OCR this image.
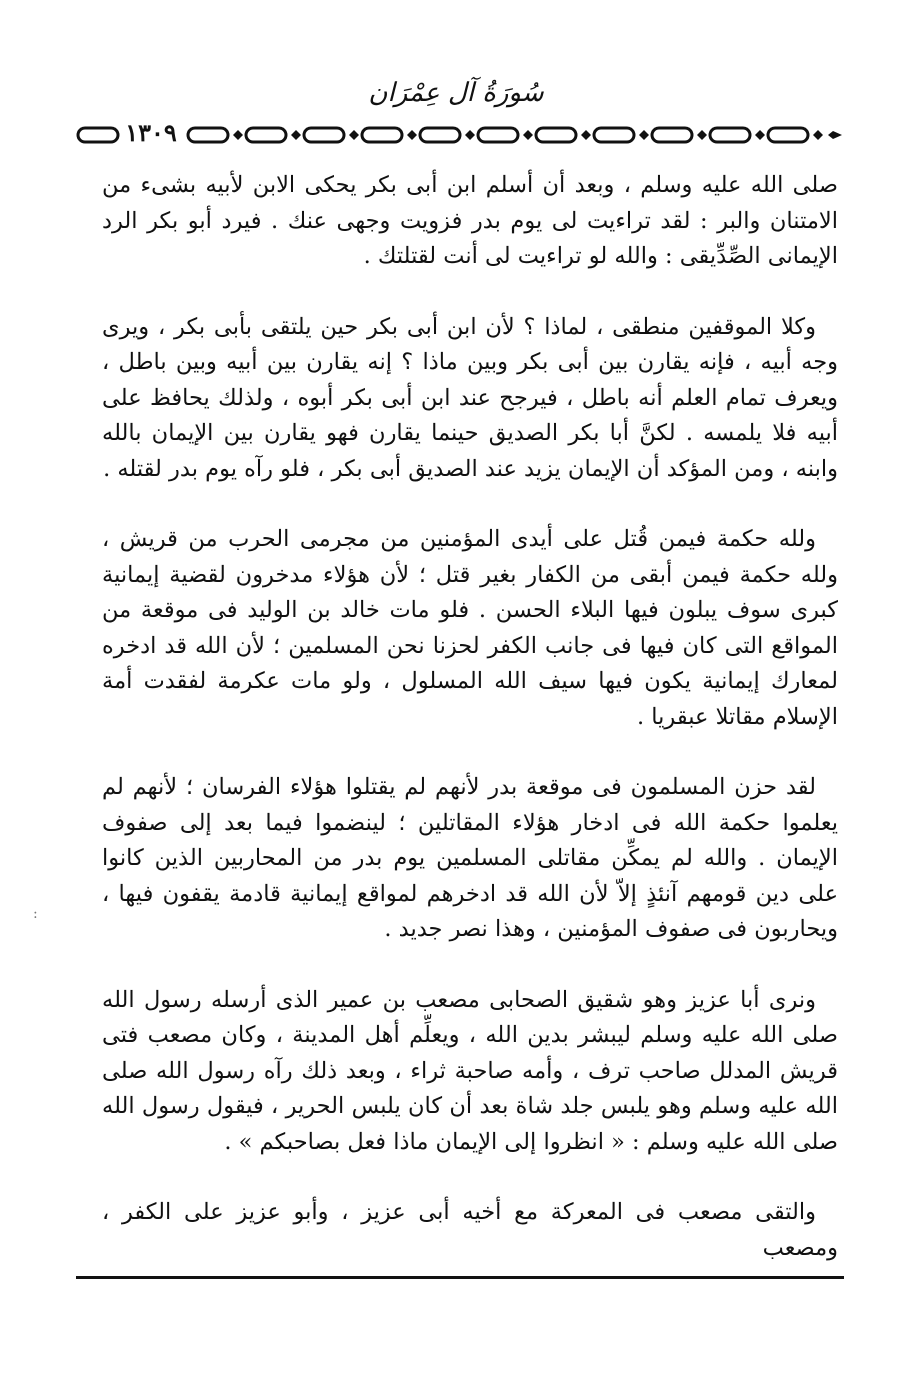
سُورَةُ آل عِمْرَان
١٣٠٩

صلى الله عليه وسلم ، وبعد أن أسلم ابن أبى بكر يحكى الابن لأبيه بشىء من الامتنان والبر : لقد تراءيت لى يوم بدر فزويت وجهى عنك . فيرد أبو بكر الرد الإيمانى الصِّدِّيقى : والله لو تراءيت لى أنت لقتلتك .

وكلا الموقفين منطقى ، لماذا ؟ لأن ابن أبى بكر حين يلتقى بأبى بكر ، ويرى وجه أبيه ، فإنه يقارن بين أبى بكر وبين ماذا ؟ إنه يقارن بين أبيه وبين باطل ، ويعرف تمام العلم أنه باطل ، فيرجح عند ابن أبى بكر أبوه ، ولذلك يحافظ على أبيه فلا يلمسه . لكنَّ أبا بكر الصديق حينما يقارن فهو يقارن بين الإيمان بالله وابنه ، ومن المؤكد أن الإيمان يزيد عند الصديق أبى بكر ، فلو رآه يوم بدر لقتله .

ولله حكمة فيمن قُتل على أيدى المؤمنين من مجرمى الحرب من قريش ، ولله حكمة فيمن أبقى من الكفار بغير قتل ؛ لأن هؤلاء مدخرون لقضية إيمانية كبرى سوف يبلون فيها البلاء الحسن . فلو مات خالد بن الوليد فى موقعة من المواقع التى كان فيها فى جانب الكفر لحزنا نحن المسلمين ؛ لأن الله قد ادخره لمعارك إيمانية يكون فيها سيف الله المسلول ، ولو مات عكرمة لفقدت أمة الإسلام مقاتلا عبقريا .

لقد حزن المسلمون فى موقعة بدر لأنهم لم يقتلوا هؤلاء الفرسان ؛ لأنهم لم يعلموا حكمة الله فى ادخار هؤلاء المقاتلين ؛ لينضموا فيما بعد إلى صفوف الإيمان . والله لم يمكِّن مقاتلى المسلمين يوم بدر من المحاربين الذين كانوا على دين قومهم آنئذٍ إلاّ لأن الله قد ادخرهم لمواقع إيمانية قادمة يقفون فيها ، ويحاربون فى صفوف المؤمنين ، وهذا نصر جديد .

ونرى أبا عزيز وهو شقيق الصحابى مصعب بن عمير الذى أرسله رسول الله صلى الله عليه وسلم ليبشر بدين الله ، ويعلِّم أهل المدينة ، وكان مصعب فتى قريش المدلل صاحب ترف ، وأمه صاحبة ثراء ، وبعد ذلك رآه رسول الله صلى الله عليه وسلم وهو يلبس جلد شاة بعد أن كان يلبس الحرير ، فيقول رسول الله صلى الله عليه وسلم : « انظروا إلى الإيمان ماذا فعل بصاحبكم » .

والتقى مصعب فى المعركة مع أخيه أبى عزيز ، وأبو عزيز على الكفر ، ومصعب

:
